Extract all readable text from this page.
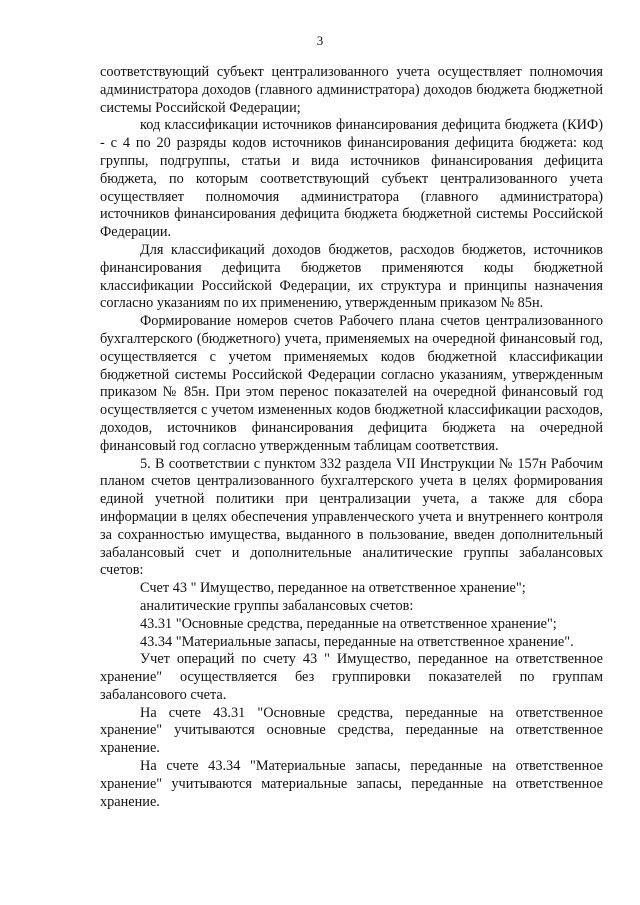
3

соответствующий субъект централизованного учета осуществляет полномочия администратора доходов (главного администратора) доходов бюджета бюджетной системы Российской Федерации;

код классификации источников финансирования дефицита бюджета (КИФ) - с 4 по 20 разряды кодов источников финансирования дефицита бюджета: код группы, подгруппы, статьи и вида источников финансирования дефицита бюджета, по которым соответствующий субъект централизованного учета осуществляет полномочия администратора (главного администратора) источников финансирования дефицита бюджета бюджетной системы Российской Федерации.

Для классификаций доходов бюджетов, расходов бюджетов, источников финансирования дефицита бюджетов применяются коды бюджетной классификации Российской Федерации, их структура и принципы назначения согласно указаниям по их применению, утвержденным приказом № 85н.

Формирование номеров счетов Рабочего плана счетов централизованного бухгалтерского (бюджетного) учета, применяемых на очередной финансовый год, осуществляется с учетом применяемых кодов бюджетной классификации бюджетной системы Российской Федерации согласно указаниям, утвержденным приказом № 85н. При этом перенос показателей на очередной финансовый год осуществляется с учетом измененных кодов бюджетной классификации расходов, доходов, источников финансирования дефицита бюджета на очередной финансовый год согласно утвержденным таблицам соответствия.

5. В соответствии с пунктом 332 раздела VII Инструкции № 157н Рабочим планом счетов централизованного бухгалтерского учета в целях формирования единой учетной политики при централизации учета, а также для сбора информации в целях обеспечения управленческого учета и внутреннего контроля за сохранностью имущества, выданного в пользование, введен дополнительный забалансовый счет и дополнительные аналитические группы забалансовых счетов:

Счет 43 " Имущество, переданное на ответственное хранение";

аналитические группы забалансовых счетов:

43.31 "Основные средства, переданные на ответственное хранение";

43.34 "Материальные запасы, переданные на ответственное хранение".

Учет операций по счету 43 " Имущество, переданное на ответственное хранение" осуществляется без группировки показателей по группам забалансового счета.

На счете 43.31 "Основные средства, переданные на ответственное хранение" учитываются основные средства, переданные на ответственное хранение.

На счете 43.34 "Материальные запасы, переданные на ответственное хранение" учитываются материальные запасы, переданные на ответственное хранение.
